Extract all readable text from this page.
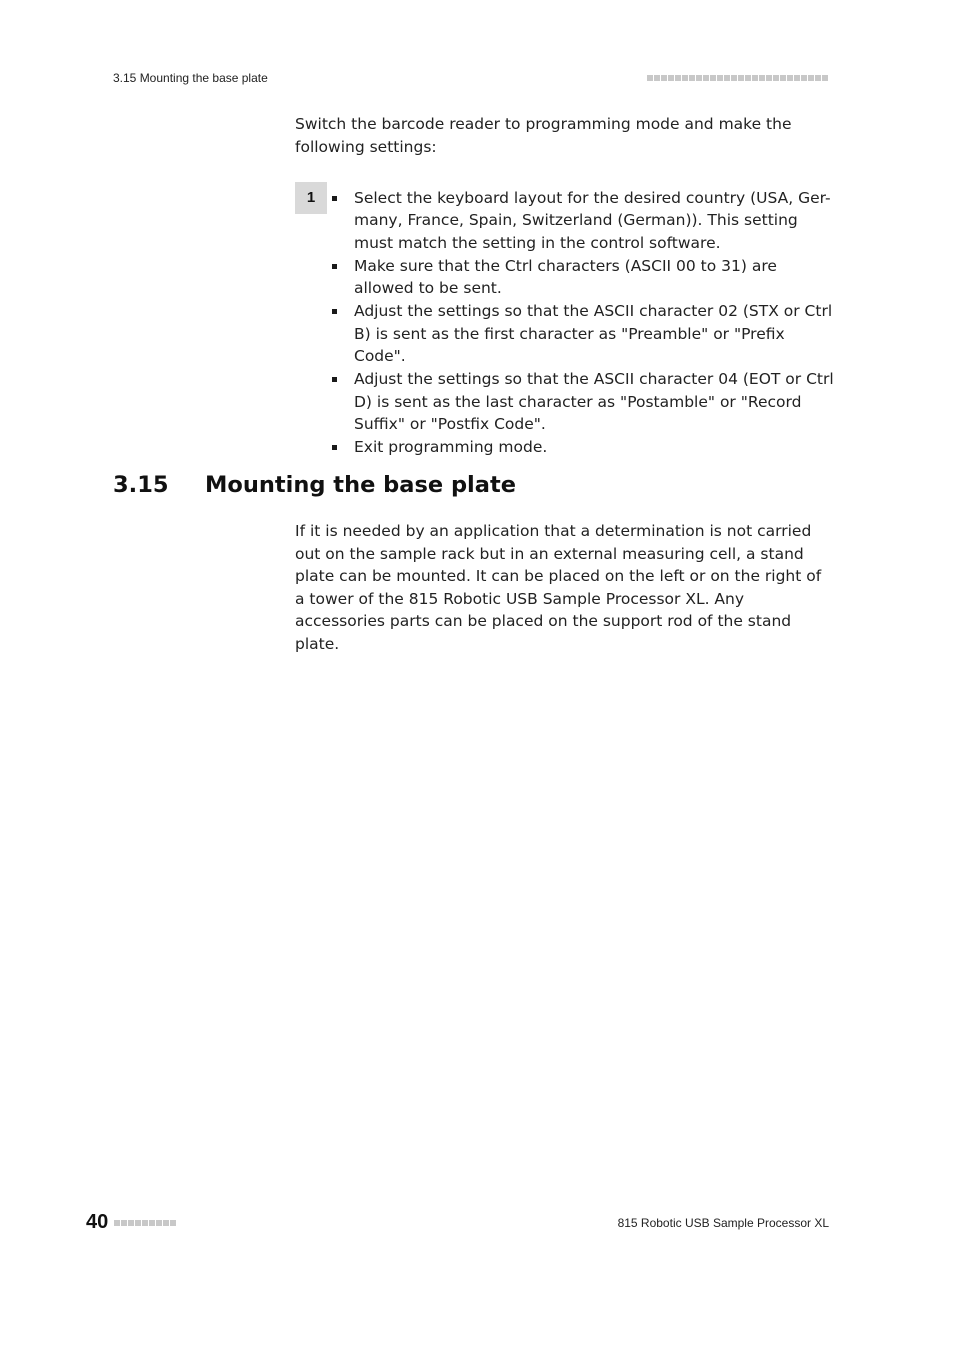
3.15 Mounting the base plate
Switch the barcode reader to programming mode and make the following settings:
1	Select the keyboard layout for the desired country (USA, Ger-many, France, Spain, Switzerland (German)). This setting must match the setting in the control software.
Make sure that the Ctrl characters (ASCII 00 to 31) are allowed to be sent.
Adjust the settings so that the ASCII character 02 (STX or Ctrl B) is sent as the first character as "Preamble" or "Prefix Code".
Adjust the settings so that the ASCII character 04 (EOT or Ctrl D) is sent as the last character as "Postamble" or "Record Suffix" or "Postfix Code".
Exit programming mode.
3.15 Mounting the base plate
If it is needed by an application that a determination is not carried out on the sample rack but in an external measuring cell, a stand plate can be mounted. It can be placed on the left or on the right of a tower of the 815 Robotic USB Sample Processor XL. Any accessories parts can be placed on the support rod of the stand plate.
40	815 Robotic USB Sample Processor XL
